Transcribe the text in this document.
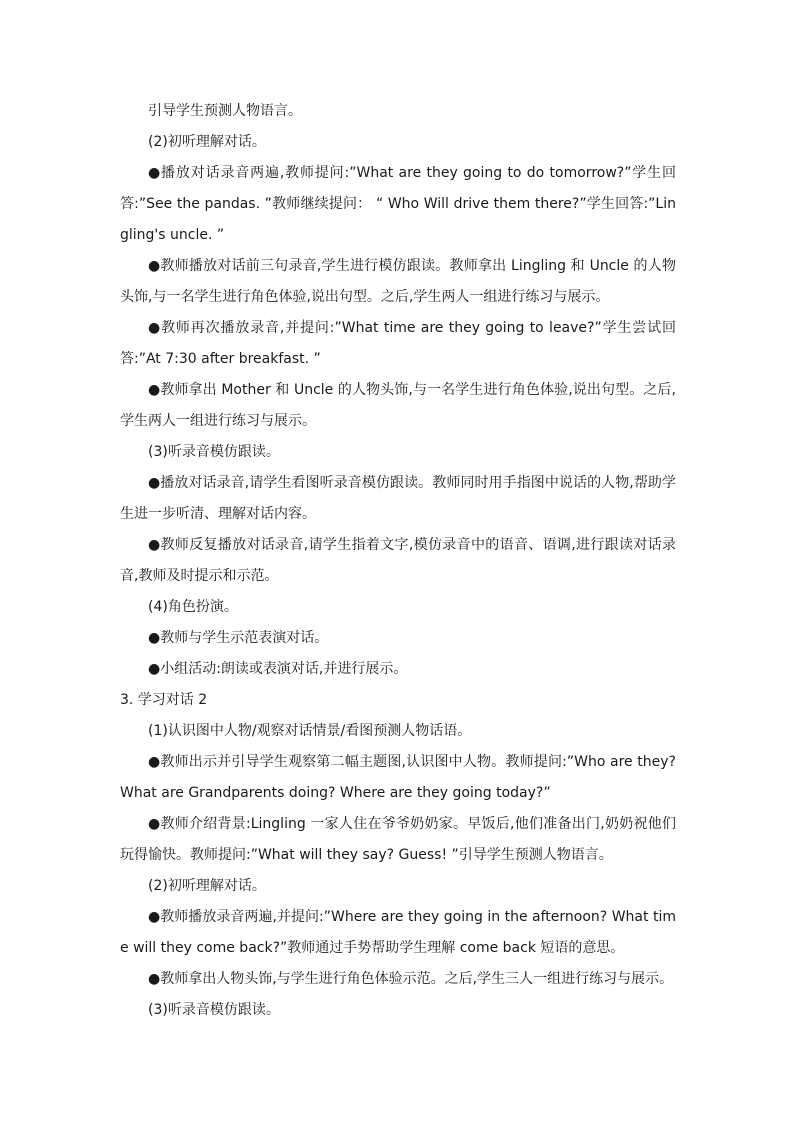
引导学生预测人物语言。

(2)初听理解对话。

●播放对话录音两遍,教师提问:”What are they going to do tomorrow?”学生回答:”See the pandas. ”教师继续提问： “ Who Will drive them there?”学生回答:”Lingling's uncle. ”

●教师播放对话前三句录音,学生进行模仿跟读。教师拿出 Lingling 和 Uncle 的人物头饰,与一名学生进行角色体验,说出句型。之后,学生两人一组进行练习与展示。

●教师再次播放录音,并提问:”What time are they going to leave?”学生尝试回答:”At 7:30 after breakfast. ”

●教师拿出 Mother 和 Uncle 的人物头饰,与一名学生进行角色体验,说出句型。之后,学生两人一组进行练习与展示。

(3)听录音模仿跟读。

●播放对话录音,请学生看图听录音模仿跟读。教师同时用手指图中说话的人物,帮助学生进一步听清、理解对话内容。

●教师反复播放对话录音,请学生指着文字,模仿录音中的语音、语调,进行跟读对话录音,教师及时提示和示范。

(4)角色扮演。

●教师与学生示范表演对话。

●小组活动:朗读或表演对话,并进行展示。

3. 学习对话 2

(1)认识图中人物/观察对话情景/看图预测人物话语。

●教师出示并引导学生观察第二幅主题图,认识图中人物。教师提问:”Who are they? What are Grandparents doing? Where are they going today?”

●教师介绍背景:Lingling 一家人住在爷爷奶奶家。早饭后,他们准备出门,奶奶祝他们玩得愉快。教师提问:”What will they say? Guess! ”引导学生预测人物语言。

(2)初听理解对话。

●教师播放录音两遍,并提问:”Where are they going in the afternoon? What time will they come back?”教师通过手势帮助学生理解 come back 短语的意思。

●教师拿出人物头饰,与学生进行角色体验示范。之后,学生三人一组进行练习与展示。

(3)听录音模仿跟读。
